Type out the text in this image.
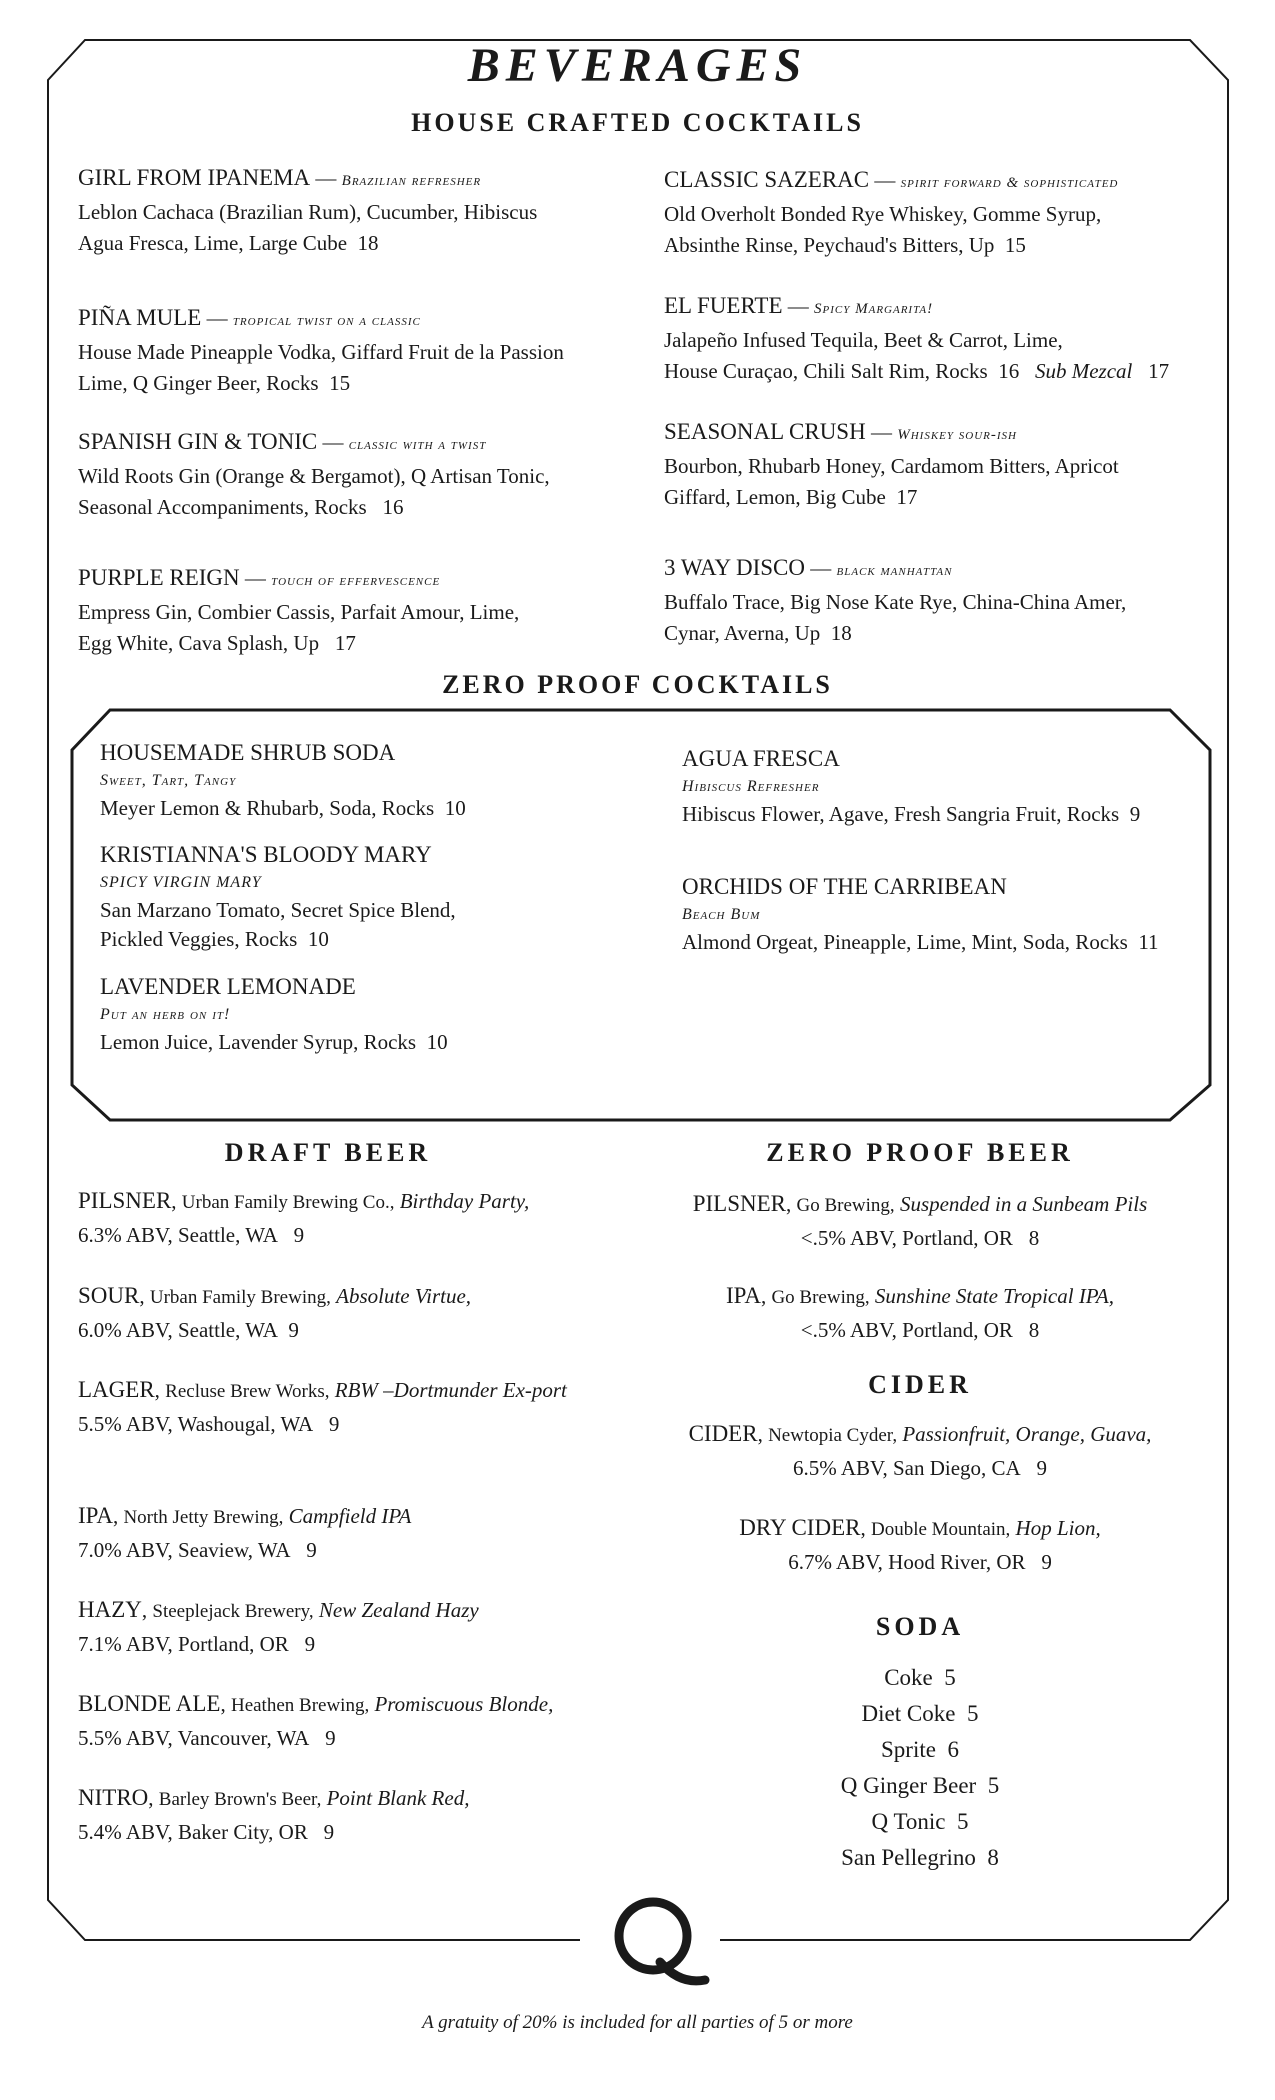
BEVERAGES
HOUSE CRAFTED COCKTAILS
GIRL FROM IPANEMA — Brazilian refresher
Leblon Cachaca (Brazilian Rum), Cucumber, Hibiscus
Agua Fresca, Lime, Large Cube 18
PIÑA MULE — tropical twist on a classic
House Made Pineapple Vodka, Giffard Fruit de la Passion
Lime, Q Ginger Beer, Rocks 15
SPANISH GIN & TONIC — classic with a twist
Wild Roots Gin (Orange & Bergamot), Q Artisan Tonic,
Seasonal Accompaniments, Rocks 16
PURPLE REIGN — touch of effervescence
Empress Gin, Combier Cassis, Parfait Amour, Lime,
Egg White, Cava Splash, Up 17
CLASSIC SAZERAC — spirit forward & sophisticated
Old Overholt Bonded Rye Whiskey, Gomme Syrup,
Absinthe Rinse, Peychaud's Bitters, Up 15
EL FUERTE — Spicy Margarita!
Jalapeño Infused Tequila, Beet & Carrot, Lime,
House Curaçao, Chili Salt Rim, Rocks 16 Sub Mezcal 17
SEASONAL CRUSH — Whiskey sour-ish
Bourbon, Rhubarb Honey, Cardamom Bitters, Apricot
Giffard, Lemon, Big Cube 17
3 WAY DISCO — black manhattan
Buffalo Trace, Big Nose Kate Rye, China-China Amer,
Cynar, Averna, Up 18
ZERO PROOF COCKTAILS
HOUSEMADE SHRUB SODA

Sweet, Tart, Tangy
Meyer Lemon & Rhubarb, Soda, Rocks 10
KRISTIANNA'S BLOODY MARY

SPICY VIRGIN MARY
San Marzano Tomato, Secret Spice Blend,
Pickled Veggies, Rocks 10
LAVENDER LEMONADE

Put an herb on it!
Lemon Juice, Lavender Syrup, Rocks 10
AGUA FRESCA

Hibiscus Refresher
Hibiscus Flower, Agave, Fresh Sangria Fruit, Rocks 9
ORCHIDS OF THE CARRIBEAN

Beach Bum
Almond Orgeat, Pineapple, Lime, Mint, Soda, Rocks 11
DRAFT BEER
PILSNER, Urban Family Brewing Co., Birthday Party,
6.3% ABV, Seattle, WA 9
SOUR, Urban Family Brewing, Absolute Virtue,
6.0% ABV, Seattle, WA 9
LAGER, Recluse Brew Works, RBW –Dortmunder Ex-port
5.5% ABV, Washougal, WA 9
IPA, North Jetty Brewing, Campfield IPA
7.0% ABV, Seaview, WA 9
HAZY, Steeplejack Brewery, New Zealand Hazy
7.1% ABV, Portland, OR 9
BLONDE ALE, Heathen Brewing, Promiscuous Blonde,
5.5% ABV, Vancouver, WA 9
NITRO, Barley Brown's Beer, Point Blank Red,
5.4% ABV, Baker City, OR 9
ZERO PROOF BEER
PILSNER, Go Brewing, Suspended in a Sunbeam Pils
<.5% ABV, Portland, OR 8
IPA, Go Brewing, Sunshine State Tropical IPA,
<.5% ABV, Portland, OR 8
CIDER
CIDER, Newtopia Cyder, Passionfruit, Orange, Guava,
6.5% ABV, San Diego, CA 9
DRY CIDER, Double Mountain, Hop Lion,
6.7% ABV, Hood River, OR 9
SODA
Coke 5
Diet Coke 5
Sprite 6
Q Ginger Beer 5
Q Tonic 5
San Pellegrino 8
A gratuity of 20% is included for all parties of 5 or more
